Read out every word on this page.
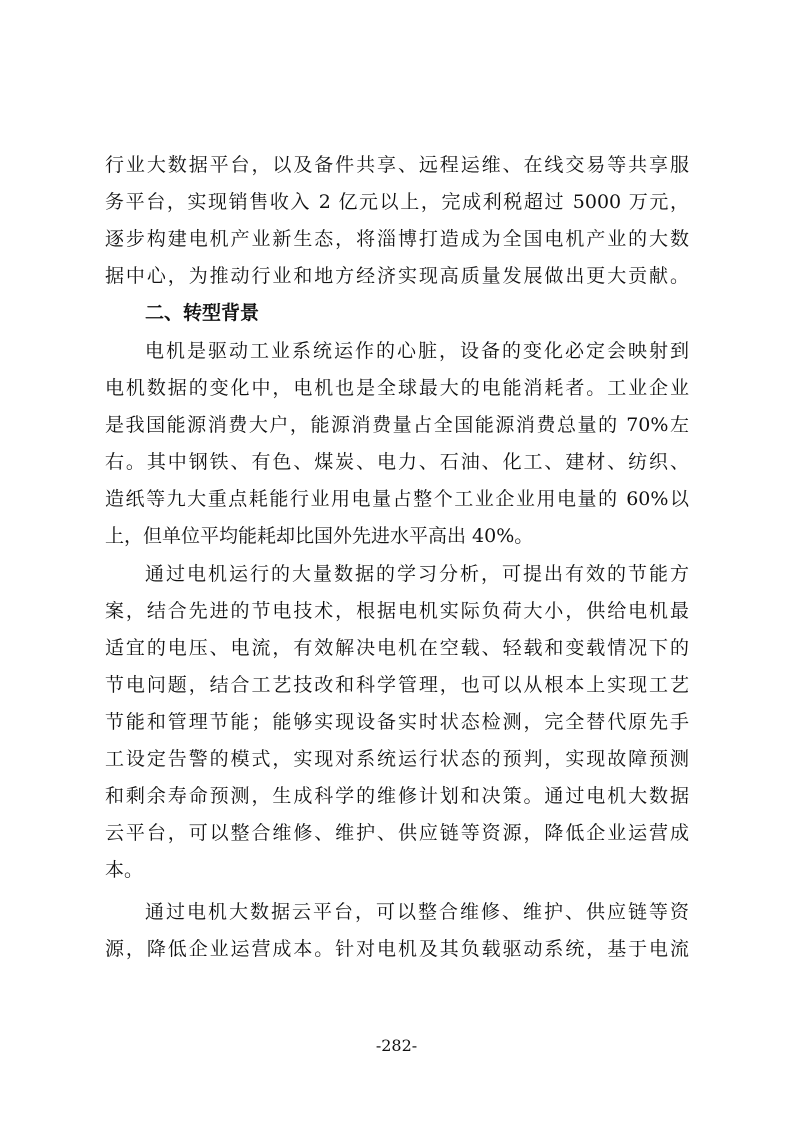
行业大数据平台，以及备件共享、远程运维、在线交易等共享服
务平台，实现销售收入 2 亿元以上，完成利税超过 5000 万元，
逐步构建电机产业新生态，将淄博打造成为全国电机产业的大数
据中心，为推动行业和地方经济实现高质量发展做出更大贡献。
二、转型背景
电机是驱动工业系统运作的心脏，设备的变化必定会映射到
电机数据的变化中，电机也是全球最大的电能消耗者。工业企业
是我国能源消费大户，能源消费量占全国能源消费总量的 70%左
右。其中钢铁、有色、煤炭、电力、石油、化工、建材、纺织、
造纸等九大重点耗能行业用电量占整个工业企业用电量的 60%以
上，但单位平均能耗却比国外先进水平高出 40%。
通过电机运行的大量数据的学习分析，可提出有效的节能方
案，结合先进的节电技术，根据电机实际负荷大小，供给电机最
适宜的电压、电流，有效解决电机在空载、轻载和变载情况下的
节电问题，结合工艺技改和科学管理，也可以从根本上实现工艺
节能和管理节能；能够实现设备实时状态检测，完全替代原先手
工设定告警的模式，实现对系统运行状态的预判，实现故障预测
和剩余寿命预测，生成科学的维修计划和决策。通过电机大数据
云平台，可以整合维修、维护、供应链等资源，降低企业运营成
本。
通过电机大数据云平台，可以整合维修、维护、供应链等资
源，降低企业运营成本。针对电机及其负载驱动系统，基于电流
-282-
